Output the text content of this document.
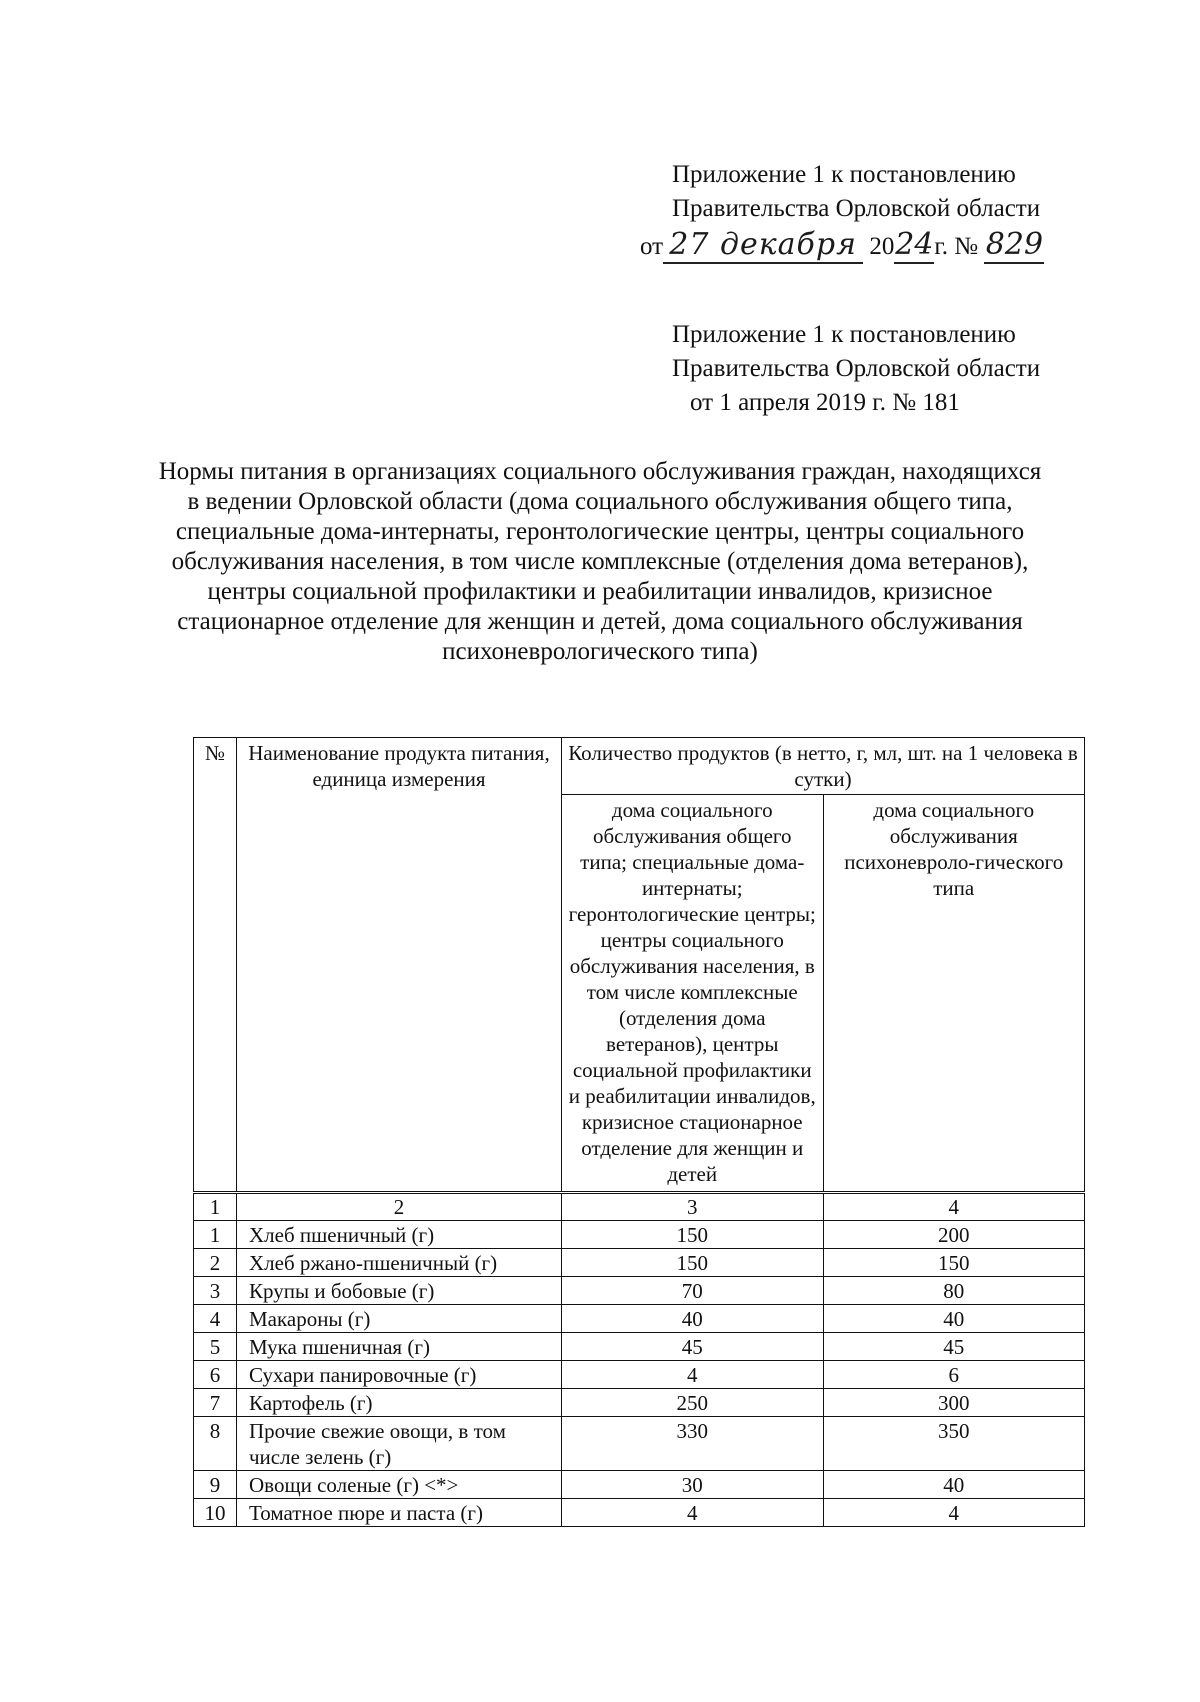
Приложение 1 к постановлению
Правительства Орловской области
от 27 декабря 2024г. № 829
Приложение 1 к постановлению
Правительства Орловской области
от 1 апреля 2019 г. № 181
Нормы питания в организациях социального обслуживания граждан, находящихся в ведении Орловской области (дома социального обслуживания общего типа, специальные дома-интернаты, геронтологические центры, центры социального обслуживания населения, в том числе комплексные (отделения дома ветеранов), центры социальной профилактики и реабилитации инвалидов, кризисное стационарное отделение для женщин и детей, дома социального обслуживания психоневрологического типа)
№	Наименование продукта питания, единица измерения	Количество продуктов (в нетто, г, мл, шт. на 1 человека в сутки)	
		дома социального обслуживания общего типа; специальные дома-интернаты; геронтологические центры; центры социального обслуживания населения, в том числе комплексные (отделения дома ветеранов), центры социальной профилактики и реабилитации инвалидов, кризисное стационарное отделение для женщин и детей	дома социального обслуживания психоневроло-гического типа
1	2	3	4
1	Хлеб пшеничный (г)	150	200
2	Хлеб ржано-пшеничный (г)	150	150
3	Крупы и бобовые (г)	70	80
4	Макароны (г)	40	40
5	Мука пшеничная (г)	45	45
6	Сухари панировочные (г)	4	6
7	Картофель (г)	250	300
8	Прочие свежие овощи, в том числе зелень (г)	330	350
9	Овощи соленые (г) <*>	30	40
10	Томатное пюре и паста (г)	4	4
